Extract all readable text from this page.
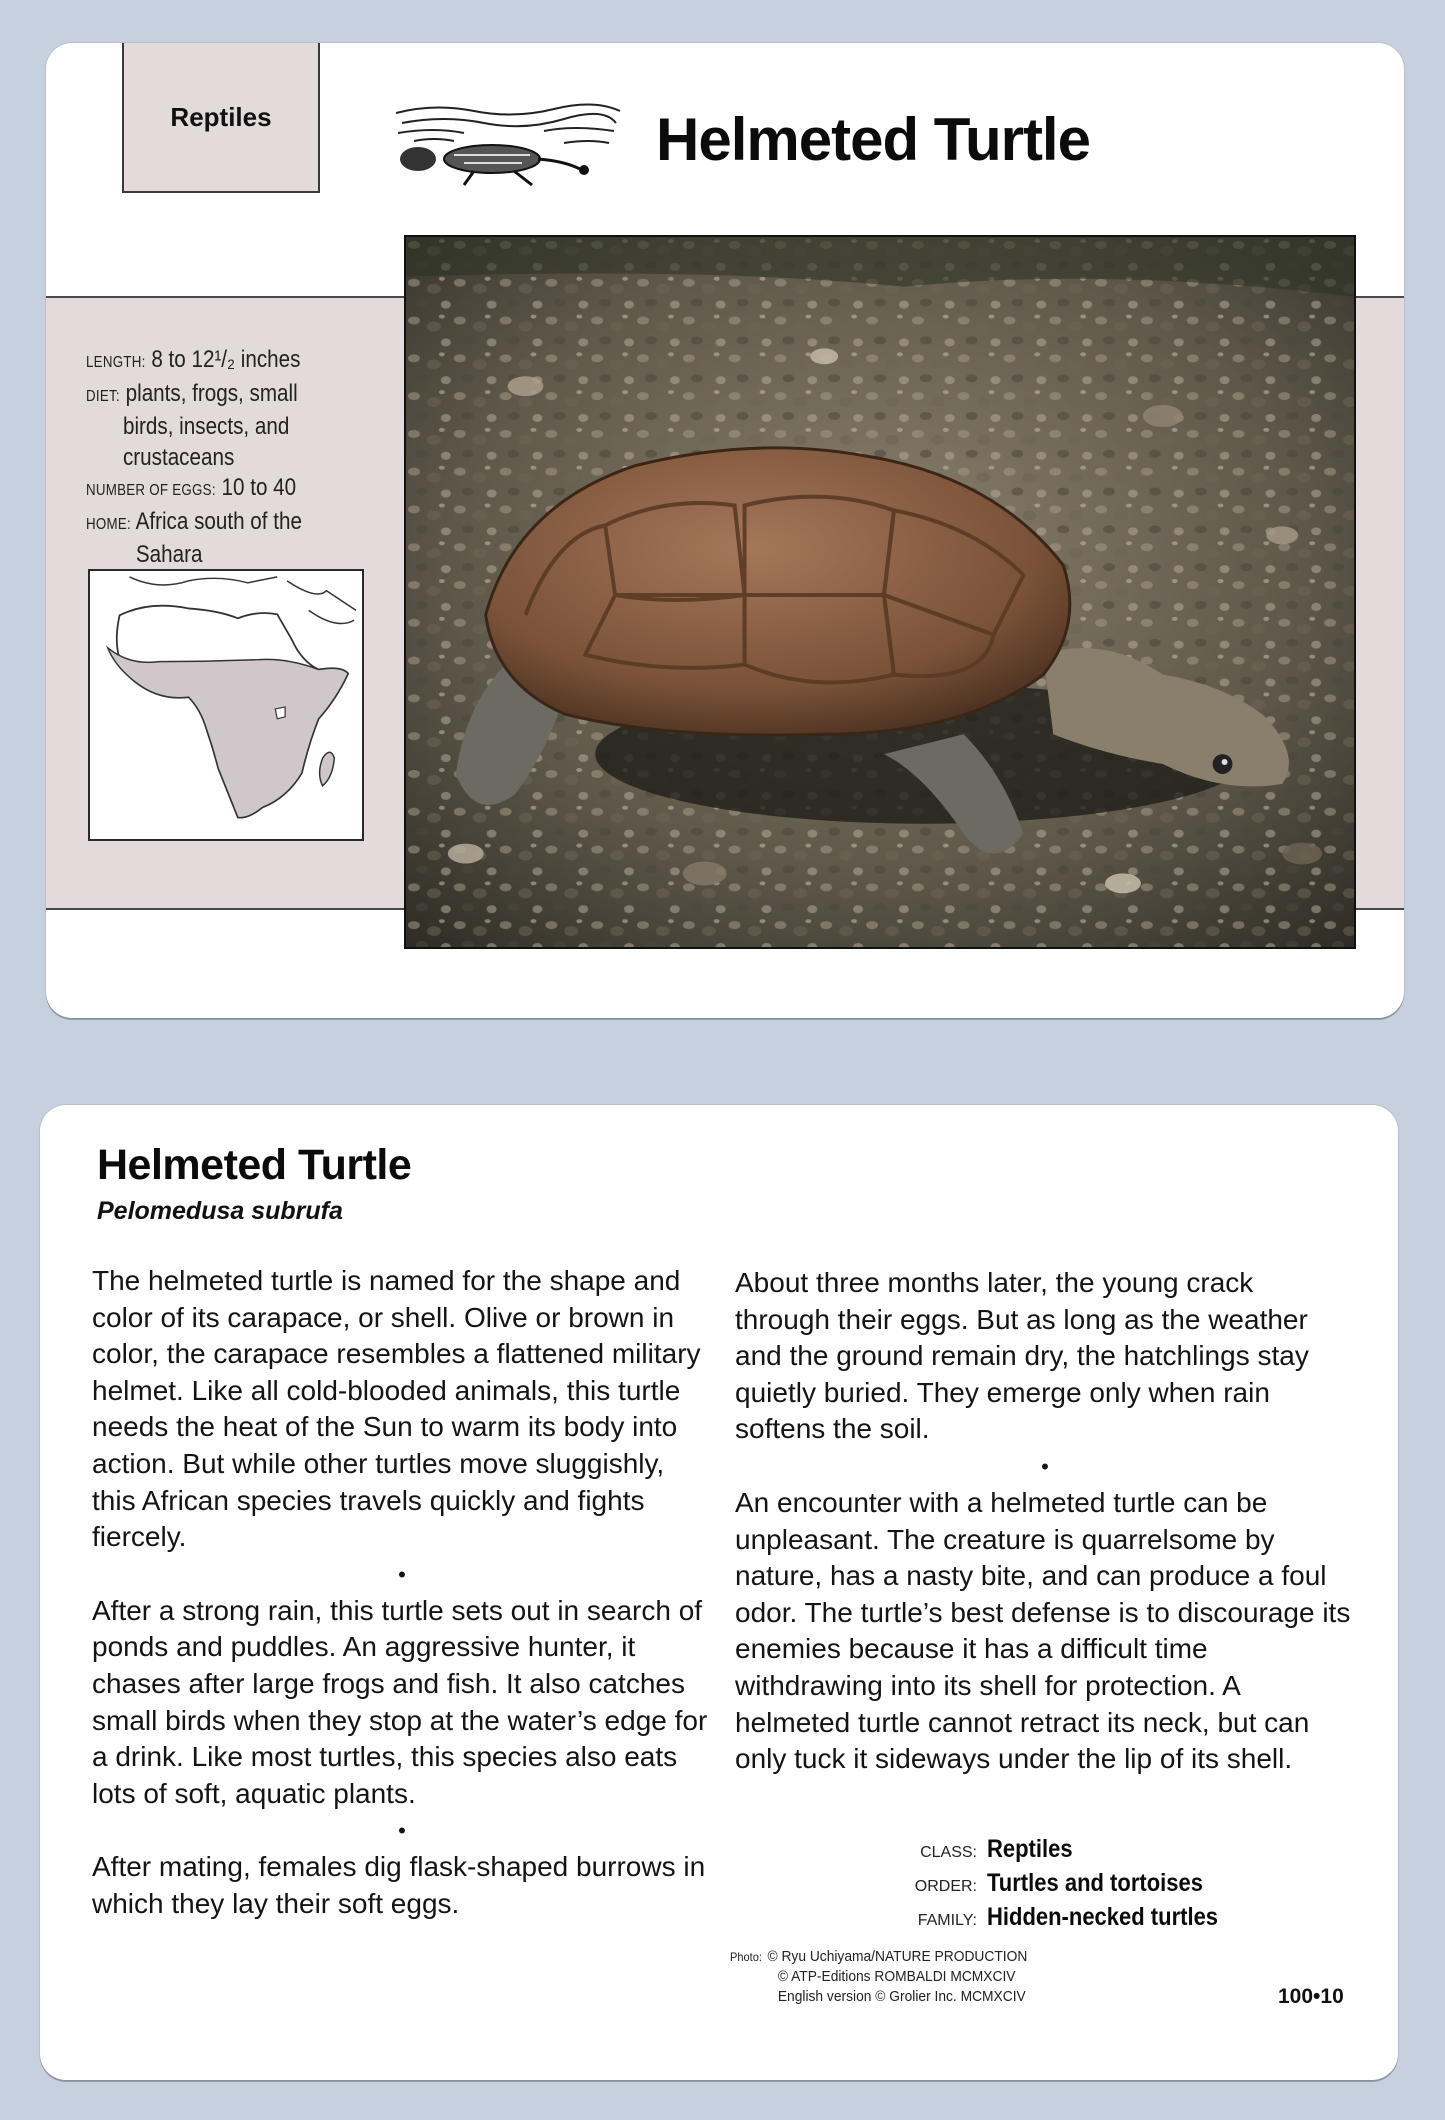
Reptiles	Helmeted Turtle
LENGTH: 8 to 12¹/₂ inches
DIET: plants, frogs, small
birds, insects, and
crustaceans
NUMBER OF EGGS: 10 to 40
HOME: Africa south of the
Sahara
Helmeted Turtle
Pelomedusa subrufa

The helmeted turtle is named for the shape and color of its carapace, or shell. Olive or brown in color, the carapace resembles a flattened military helmet. Like all cold-blooded animals, this turtle needs the heat of the Sun to warm its body into action. But while other turtles move sluggishly, this African species travels quickly and fights fiercely.

•

After a strong rain, this turtle sets out in search of ponds and puddles. An aggressive hunter, it chases after large frogs and fish. It also catches small birds when they stop at the water’s edge for a drink. Like most turtles, this species also eats lots of soft, aquatic plants.

•

After mating, females dig flask-shaped burrows in which they lay their soft eggs.

About three months later, the young crack through their eggs. But as long as the weather and the ground remain dry, the hatchlings stay quietly buried. They emerge only when rain softens the soil.

•

An encounter with a helmeted turtle can be unpleasant. The creature is quarrelsome by nature, has a nasty bite, and can produce a foul odor. The turtle’s best defense is to discourage its enemies because it has a difficult time withdrawing into its shell for protection. A helmeted turtle cannot retract its neck, but can only tuck it sideways under the lip of its shell.

CLASS: Reptiles
ORDER: Turtles and tortoises
FAMILY: Hidden-necked turtles
Photo: © Ryu Uchiyama/NATURE PRODUCTION
© ATP-Editions ROMBALDI MCMXCIV
English version © Grolier Inc. MCMXCIV	100•10
